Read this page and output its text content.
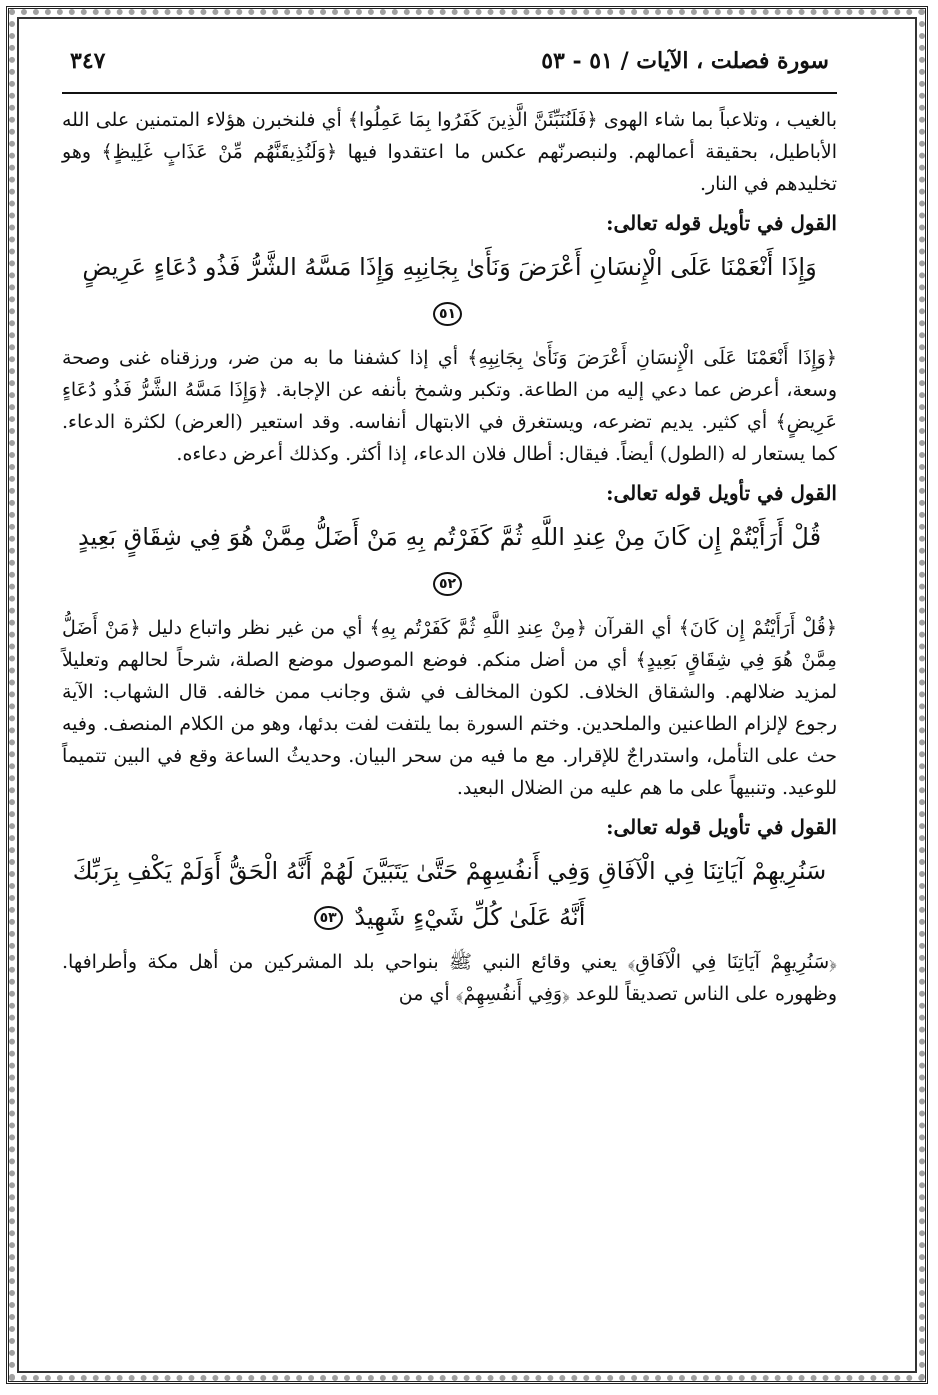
سورة فصلت ، الآيات / ٥١ - ٥٣
٣٤٧

بالغيب ، وتلاعباً بما شاء الهوى ﴿فَلَنُنَبِّئَنَّ الَّذِينَ كَفَرُوا بِمَا عَمِلُوا﴾ أي فلنخبرن هؤلاء المتمنين على الله الأباطيل، بحقيقة أعمالهم. ولنبصرنّهم عكس ما اعتقدوا فيها ﴿وَلَنُذِيقَنَّهُم مِّنْ عَذَابٍ غَلِيظٍ﴾ وهو تخليدهم في النار.

القول في تأويل قوله تعالى:
وَإِذَا أَنْعَمْنَا عَلَى الْإِنسَانِ أَعْرَضَ وَنَأَىٰ بِجَانِبِهِ وَإِذَا مَسَّهُ الشَّرُّ فَذُو دُعَاءٍ عَرِيضٍ ٥١

﴿وَإِذَا أَنْعَمْنَا عَلَى الْإِنسَانِ أَعْرَضَ وَنَأَىٰ بِجَانِبِهِ﴾ أي إذا كشفنا ما به من ضر، ورزقناه غنى وصحة وسعة، أعرض عما دعي إليه من الطاعة. وتكبر وشمخ بأنفه عن الإجابة. ﴿وَإِذَا مَسَّهُ الشَّرُّ فَذُو دُعَاءٍ عَرِيضٍ﴾ أي كثير. يديم تضرعه، ويستغرق في الابتهال أنفاسه. وقد استعير (العرض) لكثرة الدعاء. كما يستعار له (الطول) أيضاً. فيقال: أطال فلان الدعاء، إذا أكثر. وكذلك أعرض دعاءه.

القول في تأويل قوله تعالى:
قُلْ أَرَأَيْتُمْ إِن كَانَ مِنْ عِندِ اللَّهِ ثُمَّ كَفَرْتُم بِهِ مَنْ أَضَلُّ مِمَّنْ هُوَ فِي شِقَاقٍ بَعِيدٍ ٥٢

﴿قُلْ أَرَأَيْتُمْ إِن كَانَ﴾ أي القرآن ﴿مِنْ عِندِ اللَّهِ ثُمَّ كَفَرْتُم بِهِ﴾ أي من غير نظر واتباع دليل ﴿مَنْ أَضَلُّ مِمَّنْ هُوَ فِي شِقَاقٍ بَعِيدٍ﴾ أي من أضل منكم. فوضع الموصول موضع الصلة، شرحاً لحالهم وتعليلاً لمزيد ضلالهم. والشقاق الخلاف. لكون المخالف في شق وجانب ممن خالفه. قال الشهاب: الآية رجوع لإلزام الطاعنين والملحدين. وختم السورة بما يلتفت لفت بدئها، وهو من الكلام المنصف. وفيه حث على التأمل، واستدراجٌ للإقرار. مع ما فيه من سحر البيان. وحديثُ الساعة وقع في البين تتميماً للوعيد. وتنبيهاً على ما هم عليه من الضلال البعيد.

القول في تأويل قوله تعالى:
سَنُرِيهِمْ آيَاتِنَا فِي الْآفَاقِ وَفِي أَنفُسِهِمْ حَتَّىٰ يَتَبَيَّنَ لَهُمْ أَنَّهُ الْحَقُّ أَوَلَمْ يَكْفِ بِرَبِّكَ أَنَّهُ عَلَىٰ كُلِّ شَيْءٍ شَهِيدٌ ٥٣

﴿سَنُرِيهِمْ آيَاتِنَا فِي الْآفَاقِ﴾ يعني وقائع النبي ﷺ بنواحي بلد المشركين من أهل مكة وأطرافها. وظهوره على الناس تصديقاً للوعد ﴿وَفِي أَنفُسِهِمْ﴾ أي من
